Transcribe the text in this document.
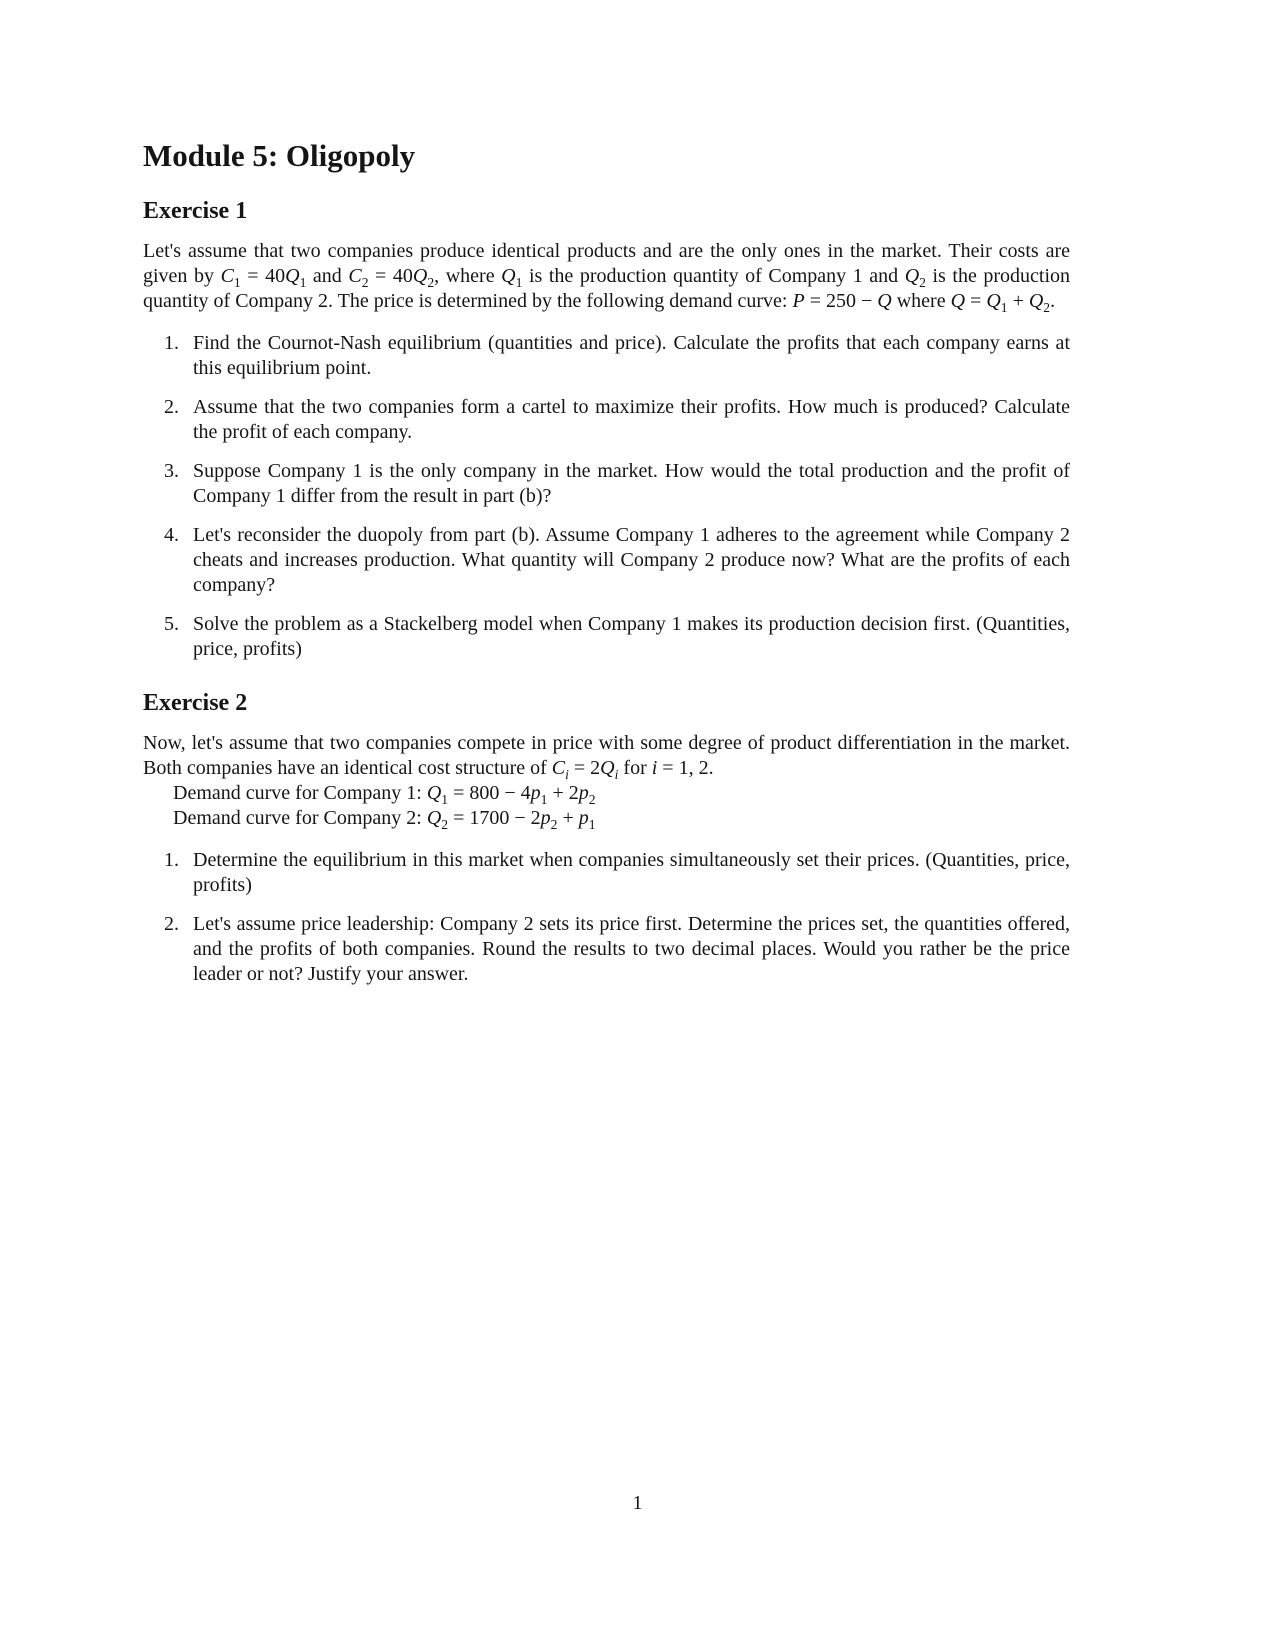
Module 5: Oligopoly
Exercise 1

Let's assume that two companies produce identical products and are the only ones in the market. Their costs are given by $C_1 = 40Q_1$ and $C_2 = 40Q_2$, where $Q_1$ is the production quantity of Company 1 and $Q_2$ is the production quantity of Company 2. The price is determined by the following demand curve: P = 250 − Q where $Q = Q_1 + Q_2$.

1. Find the Cournot-Nash equilibrium (quantities and price). Calculate the profits that each company earns at this equilibrium point.
2. Assume that the two companies form a cartel to maximize their profits. How much is produced? Calculate the profit of each company.
3. Suppose Company 1 is the only company in the market. How would the total production and the profit of Company 1 differ from the result in part (b)?
4. Let's reconsider the duopoly from part (b). Assume Company 1 adheres to the agreement while Company 2 cheats and increases production. What quantity will Company 2 produce now? What are the profits of each company?
5. Solve the problem as a Stackelberg model when Company 1 makes its production decision first. (Quantities, price, profits)
Exercise 2

Now, let's assume that two companies compete in price with some degree of product differentiation in the market. Both companies have an identical cost structure of $C_i = 2Q_i$ for i = 1, 2.

Demand curve for Company 1: $Q_1 = 800 - 4p_1 + 2p_2$
Demand curve for Company 2: $Q_2 = 1700 - 2p_2 + p_1$
1. Determine the equilibrium in this market when companies simultaneously set their prices. (Quantities, price, profits)
2. Let's assume price leadership: Company 2 sets its price first. Determine the prices set, the quantities offered, and the profits of both companies. Round the results to two decimal places. Would you rather be the price leader or not? Justify your answer.
1
